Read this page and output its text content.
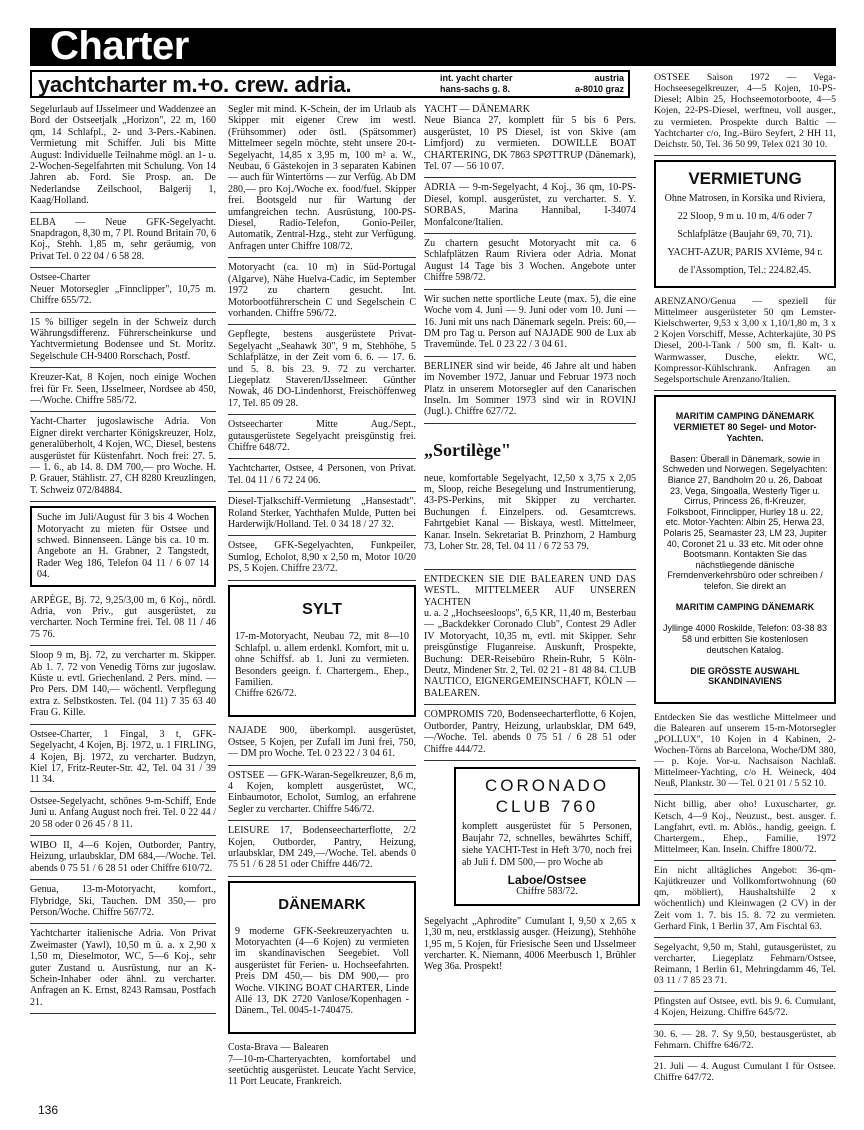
Charter
yachtcharter m.+o. crew. adria.	int. yacht charter	austria
hans-sachs g. 8.	a-8010 graz
Segelurlaub auf IJsselmeer und Waddenzee an Bord der Ostseetjalk „Horizon", 22 m, 160 qm, 14 Schlafpl., 2- und 3-Pers.-Kabinen. Vermietung mit Schiffer. Juli bis Mitte August: Individuelle Teilnahme mögl. an 1- u. 2-Wochen-Segelfahrten mit Schulung. Von 14 Jahren ab. Ford. Sie Prosp. an. De Nederlandse Zeilschool, Balgerij 1, Kaag/Holland.
ELBA — Neue GFK-Segelyacht. Snapdragon, 8,30 m, 7 Pl. Round Britain 70, 6 Koj., Stehh. 1,85 m, sehr geräumig, von Privat Tel. 0 22 04 / 6 58 28.
Ostsee-Charter
Neuer Motorsegler „Finnclipper", 10,75 m. Chiffre 655/72.
15 % billiger segeln in der Schweiz durch Währungsdifferenz. Führerscheinkurse und Yachtvermietung Bodensee und St. Moritz. Segelschule CH-9400 Rorschach, Postf.
Kreuzer-Kat, 8 Kojen, noch einige Wochen frei für Fr. Seen, IJsselmeer, Nordsee ab 450,—/Woche. Chiffre 585/72.
Yacht-Charter jugoslawische Adria. Von Eigner direkt vercharter Königskreuzer, Holz, generalüberholt, 4 Kojen, WC, Diesel, bestens ausgerüstet für Küstenfahrt. Noch frei: 27. 5. — 1. 6., ab 14. 8. DM 700,— pro Woche. H. P. Grauer, Stählistr. 27, CH 8280 Kreuzlingen, T. Schweiz 072/84884.
Suche im Juli/August für 3 bis 4 Wochen Motoryacht zu mieten für Ostsee und schwed. Binnenseen. Länge bis ca. 10 m. Angebote an H. Grabner, 2 Tangstedt, Rader Weg 186, Telefon 04 11 / 6 07 14 04.
ARPÈGE, Bj. 72, 9,25/3,00 m, 6 Koj., nördl. Adria, von Priv., gut ausgerüstet, zu vercharter. Noch Termine frei. Tel. 08 11 / 46 75 76.
Sloop 9 m, Bj. 72, zu vercharter m. Skipper. Ab 1. 7. 72 von Venedig Törns zur jugoslaw. Küste u. evtl. Griechenland. 2 Pers. mind. — Pro Pers. DM 140,— wöchentl. Verpflegung extra z. Selbstkosten. Tel. (04 11) 7 35 63 40 Frau G. Kille.
Ostsee-Charter, 1 Fingal, 3 t, GFK-Segelyacht, 4 Kojen, Bj. 1972, u. 1 FIRLING, 4 Kojen, Bj. 1972, zu vercharter. Budzyn, Kiel 17, Fritz-Reuter-Str. 42, Tel. 04 31 / 39 11 34.
Ostsee-Segelyacht, schönes 9-m-Schiff, Ende Juni u. Anfang August noch frei. Tel. 0 22 44 / 20 58 oder 0 26 45 / 8 11.
WIBO II, 4—6 Kojen, Outborder, Pantry, Heizung, urlaubsklar, DM 684,—/Woche. Tel. abends 0 75 51 / 6 28 51 oder Chiffre 610/72.
Genua, 13-m-Motoryacht, komfort., Flybridge, Ski, Tauchen. DM 350,— pro Person/Woche. Chiffre 567/72.
Yachtcharter italienische Adria. Von Privat Zweimaster (Yawl), 10,50 m ü. a. x 2,90 x 1,50 m, Dieselmotor, WC, 5—6 Koj., sehr guter Zustand u. Ausrüstung, nur an K-Schein-Inhaber oder ähnl. zu vercharter. Anfragen an K. Ernst, 8243 Ramsau, Postfach 21.
Segler mit mind. K-Schein, der im Urlaub als Skipper mit eigener Crew im westl. (Frühsommer) oder östl. (Spätsommer) Mittelmeer segeln möchte, steht unsere 20-t-Segelyacht, 14,85 x 3,95 m, 100 m² a. W., Neubau, 6 Gästekojen in 3 separaten Kabinen — auch für Wintertörns — zur Verfüg. Ab DM 280,— pro Koj./Woche ex. food/fuel. Skipper frei. Bootsgeld nur für Wartung der umfangreichen techn. Ausrüstung, 100-PS-Diesel, Radio-Telefon, Gonio-Peiler, Automatik, Zentral-Hzg., steht zur Verfügung. Anfragen unter Chiffre 108/72.
Motoryacht (ca. 10 m) in Süd-Portugal (Algarve), Nähe Huelva-Cadic, im September 1972 zu chartern gesucht. Int. Motorbootführerschein C und Segelschein C vorhanden. Chiffre 596/72.
Gepflegte, bestens ausgerüstete Privat-Segelyacht „Seahawk 30", 9 m, Stehhöhe, 5 Schlafplätze, in der Zeit vom 6. 6. — 17. 6. und 5. 8. bis 23. 9. 72 zu vercharter. Liegeplatz Staveren/IJsselmeer. Günther Nowak, 46 DO-Lindenhorst, Freischöffenweg 17, Tel. 85 09 28.
Ostseecharter Mitte Aug./Sept., gutausgerüstete Segelyacht preisgünstig frei. Chiffre 648/72.
Yachtcharter, Ostsee, 4 Personen, von Privat. Tel. 04 11 / 6 72 24 06.
Diesel-Tjalkschiff-Vermietung „Hansestadt". Roland Sterker, Yachthafen Mulde, Putten bei Harderwijk/Holland. Tel. 0 34 18 / 27 32.
Ostsee, GFK-Segelyachten, Funkpeiler, Sumlog, Echolot, 8,90 x 2,50 m, Motor 10/20 PS, 5 Kojen. Chiffre 23/72.

SYLT

17-m-Motoryacht, Neubau 72, mit 8—10 Schlafpl. u. allem erdenkl. Komfort, mit u. ohne Schiffsf. ab 1. Juni zu vermieten. Besonders geeign. f. Chartergem., Ehep., Familien.
Chiffre 626/72.

NAJADE 900, überkompl. ausgerüstet, Ostsee, 5 Kojen, per Zufall im Juni frei, 750,— DM pro Woche. Tel. 0 23 22 / 3 04 61.
OSTSEE — GFK-Waran-Segelkreuzer, 8,6 m, 4 Kojen, komplett ausgerüstet, WC, Einbaumotor, Echolot, Sumlog, an erfahrene Segler zu vercharter. Chiffre 546/72.
LEISURE 17, Bodenseecharterflotte, 2/2 Kojen, Outborder, Pantry, Heizung, urlaubsklar, DM 249,—/Woche. Tel. abends 0 75 51 / 6 28 51 oder Chiffre 446/72.

DÄNEMARK

9 moderne GFK-Seekreuzeryachten u. Motoryachten (4—6 Kojen) zu vermieten im skandinavischen Seegebiet. Voll ausgerüstet für Ferien- u. Hochseefahrten. Preis DM 450,— bis DM 900,— pro Woche. VIKING BOAT CHARTER, Linde Allé 13, DK 2720 Vanlose/Kopenhagen - Dänem., Tel. 0045-1-740475.

Costa-Brava — Balearen
7—10-m-Charteryachten, komfortabel und seetüchtig ausgerüstet. Leucate Yacht Service, 11 Port Leucate, Frankreich.
YACHT — DÄNEMARK
Neue Bianca 27, komplett für 5 bis 6 Pers. ausgerüstet, 10 PS Diesel, ist von Skive (am Limfjord) zu vermieten. DOWILLE BOAT CHARTERING, DK 7863 SPØTTRUP (Dänemark), Tel. 07 — 56 10 07.
ADRIA — 9-m-Segelyacht, 4 Koj., 36 qm, 10-PS-Diesel, kompl. ausgerüstet, zu vercharter. S. Y. SORBAS, Marina Hannibal, I-34074 Monfalcone/Italien.
Zu chartern gesucht Motoryacht mit ca. 6 Schlafplätzen Raum Riviera oder Adria. Monat August 14 Tage bis 3 Wochen. Angebote unter Chiffre 598/72.
Wir suchen nette sportliche Leute (max. 5), die eine Woche vom 4. Juni — 9. Juni oder vom 10. Juni — 16. Juni mit uns nach Dänemark segeln. Preis: 60,— DM pro Tag u. Person auf NAJADE 900 de Lux ab Travemünde. Tel. 0 23 22 / 3 04 61.
BERLINER sind wir beide, 46 Jahre alt und haben im November 1972, Januar und Februar 1973 noch Platz in unserem Motorsegler auf den Canarischen Inseln. Im Sommer 1973 sind wir in ROVINJ (Jugl.). Chiffre 627/72.

„Sortilège"

neue, komfortable Segelyacht, 12,50 x 3,75 x 2,05 m, Sloop, reiche Besegelung und Instrumentierung, 43-PS-Perkins, mit Skipper zu vercharter. Buchungen f. Einzelpers. od. Gesamtcrews. Fahrtgebiet Kanal — Biskaya, westl. Mittelmeer, Kanar. Inseln. Sekretariat B. Prinzhorn, 2 Hamburg 73, Loher Str. 28, Tel. 04 11 / 6 72 53 79.

ENTDECKEN SIE DIE BALEAREN UND DAS WESTL. MITTELMEER AUF UNSEREN YACHTEN
u. a. 2 „Hochseesloops", 6,5 KR, 11,40 m, Besterbau — „Backdekker Coronado Club", Contest 29 Adler IV Motoryacht, 10,35 m, evtl. mit Skipper. Sehr preisgünstige Fluganreise. Auskunft, Prospekte, Buchung: DER-Reisebüro Rhein-Ruhr, 5 Köln-Deutz, Mindener Str. 2, Tel. 02 21 - 81 48 84. CLUB NAUTICO, EIGNERGEMEINSCHAFT, KÖLN — BALEAREN.
COMPROMIS 720, Bodenseecharterflotte, 6 Kojen, Outborder, Pantry, Heizung, urlaubsklar, DM 649,—/Woche. Tel. abends 0 75 51 / 6 28 51 oder Chiffre 444/72.
CORONADO
CLUB 760
komplett ausgerüstet für 5 Personen, Baujahr 72, schnelles, bewährtes Schiff, siehe YACHT-Test in Heft 3/70, noch frei ab Juli f. DM 500,— pro Woche ab
Laboe/Ostsee
Chiffre 583/72.
Segelyacht „Aphrodite" Cumulant I, 9,50 x 2,65 x 1,30 m, neu, erstklassig ausger. (Heizung), Stehhöhe 1,95 m, 5 Kojen, für Friesische Seen und IJsselmeer vercharter. K. Niemann, 4006 Meerbusch 1, Brühler Weg 36a. Prospekt!
OSTSEE Saison 1972 — Vega-Hochseesegelkreuzer, 4—5 Kojen, 10-PS-Diesel; Albin 25, Hochseemotorboote, 4—5 Kojen, 22-PS-Diesel, werftneu, voll ausger., zu vermieten. Prospekte durch Baltic — Yachtcharter c/o, Ing.-Büro Seyfert, 2 HH 11, Deichstr. 50, Tel. 36 50 99, Telex 021 30 10.
VERMIETUNG
Ohne Matrosen, in Korsika und Riviera, 22 Sloop, 9 m u. 10 m, 4/6 oder 7 Schlafplätze (Baujahr 69, 70, 71). YACHT-AZUR, PARIS XVIème, 94 r. de l'Assomption, Tel.: 224.82.45.
ARENZANO/Genua — speziell für Mittelmeer ausgerüsteter 50 qm Lemster-Kielschwerter, 9,53 x 3,00 x 1,10/1,80 m, 3 x 2 Kojen Vorschiff, Messe, Achterkajüte, 30 PS Diesel, 200-l-Tank / 500 sm, fl. Kalt- u. Warmwasser, Dusche, elektr. WC, Kompressor-Kühlschrank. Anfragen an Segelsportschule Arenzano/Italien.

MARITIM CAMPING DÄNEMARK VERMIETET 80 Segel- und Motor-Yachten.

Basen: Überall in Dänemark, sowie in Schweden und Norwegen. Segelyachten: Biance 27, Bandholm 20 u. 26, Daboat 23, Vega, Singoalla, Westerly Tiger u. Cirrus, Princess 26, fl-Kreuzer, Folksboot, Finnclipper, Hurley 18 u. 22, etc. Motor-Yachten: Albin 25, Herwa 23, Polaris 25, Seamaster 23, LM 23, Jupiter 40, Coronet 21 u. 33 etc. Mit oder ohne Bootsmann. Kontakten Sie das nächstliegende dänische Fremdenverkehrsbüro oder schreiben / telefon. Sie direkt an

MARITIM CAMPING DÄNEMARK

Jyllinge 4000 Roskilde, Telefon: 03-38 83 58 und erbitten Sie kostenlosen deutschen Katalog.

DIE GRÖSSTE AUSWAHL SKANDINAVIENS

Entdecken Sie das westliche Mittelmeer und die Balearen auf unserem 15-m-Motorsegler „POLLUX", 10 Kojen in 4 Kabinen, 2-Wochen-Törns ab Barcelona, Woche/DM 380,— p. Koje. Vor-u. Nachsaison Nachlaß. Mittelmeer-Yachting, c/o H. Weineck, 404 Neuß, Plankstr. 30 — Tel. 0 21 01 / 5 52 10.
Nicht billig, aber oho! Luxuscharter, gr. Ketsch, 4—9 Koj., Neuzust., best. ausger. f. Langfahrt, evtl. m. Ablös., handig, geeign. f. Chartergem., Ehep., Familie, 1972 Mittelmeer, Kan. Inseln. Chiffre 1800/72.
Ein nicht alltägliches Angebot: 36-qm-Kajütkreuzer und Vollkomfortwohnung (60 qm, möbliert), Haushaltshilfe 2 x wöchentlich) und Kleinwagen (2 CV) in der Zeit vom 1. 7. bis 15. 8. 72 zu vermieten. Gerhard Fink, 1 Berlin 37, Am Fischtal 63.
Segelyacht, 9,50 m, Stahl, gutausgerüstet, zu vercharter, Liegeplatz Fehmarn/Ostsee, Reimann, 1 Berlin 61, Mehringdamm 46, Tel. 03 11 / 7 85 23 71.
Pfingsten auf Ostsee, evtl. bis 9. 6. Cumulant, 4 Kojen, Heizung. Chiffre 645/72.
30. 6. — 28. 7. Sy 9,50, bestausgerüstet, ab Fehmarn. Chiffre 646/72.
21. Juli — 4. August Cumulant I für Ostsee. Chiffre 647/72.
136
